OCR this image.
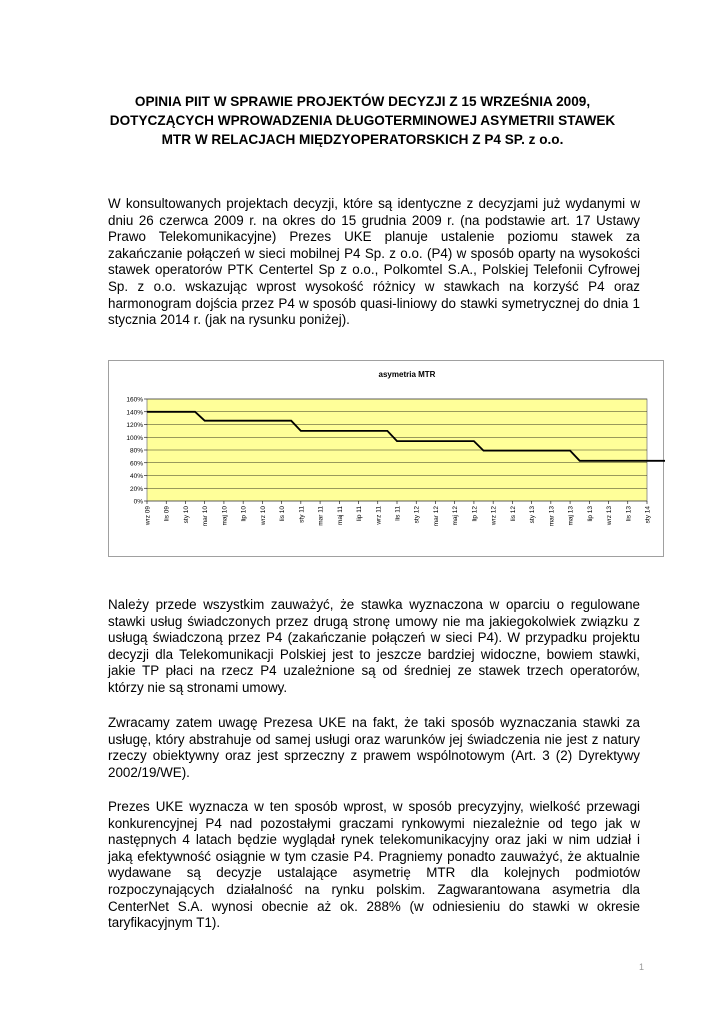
OPINIA PIIT W SPRAWIE PROJEKTÓW DECYZJI Z 15 WRZEŚNIA 2009,
DOTYCZĄCYCH WPROWADZENIA DŁUGOTERMINOWEJ ASYMETRII STAWEK
MTR W RELACJACH MIĘDZYOPERATORSKICH Z P4 SP. z o.o.
W konsultowanych projektach decyzji, które są identyczne z decyzjami już wydanymi w dniu 26 czerwca 2009 r. na okres do 15 grudnia 2009 r. (na podstawie art. 17 Ustawy Prawo Telekomunikacyjne) Prezes UKE planuje ustalenie poziomu stawek za zakańczanie połączeń w sieci mobilnej P4 Sp. z o.o. (P4) w sposób oparty na wysokości stawek operatorów PTK Centertel Sp z o.o., Polkomtel S.A., Polskiej Telefonii Cyfrowej Sp. z o.o. wskazując wprost wysokość różnicy w stawkach na korzyść P4 oraz harmonogram dojścia przez P4 w sposób quasi-liniowy do stawki symetrycznej do dnia 1 stycznia 2014 r. (jak na rysunku poniżej).
asymetria MTR
0%
20%
40%
60%
80%
100%
120%
140%
160%
wrz 09 lis 09 sty 10 mar 10 maj 10 lip 10 wrz 10 lis 10 sty 11 mar 11 maj 11 lip 11 wrz 11 lis 11 sty 12 mar 12 maj 12 lip 12 wrz 12 lis 12 sty 13 mar 13 maj 13 lip 13 wrz 13 lis 13 sty 14
Należy przede wszystkim zauważyć, że stawka wyznaczona w oparciu o regulowane stawki usług świadczonych przez drugą stronę umowy nie ma jakiegokolwiek związku z usługą świadczoną przez P4 (zakańczanie połączeń w sieci P4). W przypadku projektu decyzji dla Telekomunikacji Polskiej jest to jeszcze bardziej widoczne, bowiem stawki, jakie TP płaci na rzecz P4 uzależnione są od średniej ze stawek trzech operatorów, którzy nie są stronami umowy.
Zwracamy zatem uwagę Prezesa UKE na fakt, że taki sposób wyznaczania stawki za usługę, który abstrahuje od samej usługi oraz warunków jej świadczenia nie jest z natury rzeczy obiektywny oraz jest sprzeczny z prawem wspólnotowym (Art. 3 (2) Dyrektywy 2002/19/WE).
Prezes UKE wyznacza w ten sposób wprost, w sposób precyzyjny, wielkość przewagi konkurencyjnej P4 nad pozostałymi graczami rynkowymi niezależnie od tego jak w następnych 4 latach będzie wyglądał rynek telekomunikacyjny oraz jaki w nim udział i jaką efektywność osiągnie w tym czasie P4. Pragniemy ponadto zauważyć, że aktualnie wydawane są decyzje ustalające asymetrię MTR dla kolejnych podmiotów rozpoczynających działalność na rynku polskim. Zagwarantowana asymetria dla CenterNet S.A. wynosi obecnie aż ok. 288% (w odniesieniu do stawki w okresie taryfikacyjnym T1).
1
